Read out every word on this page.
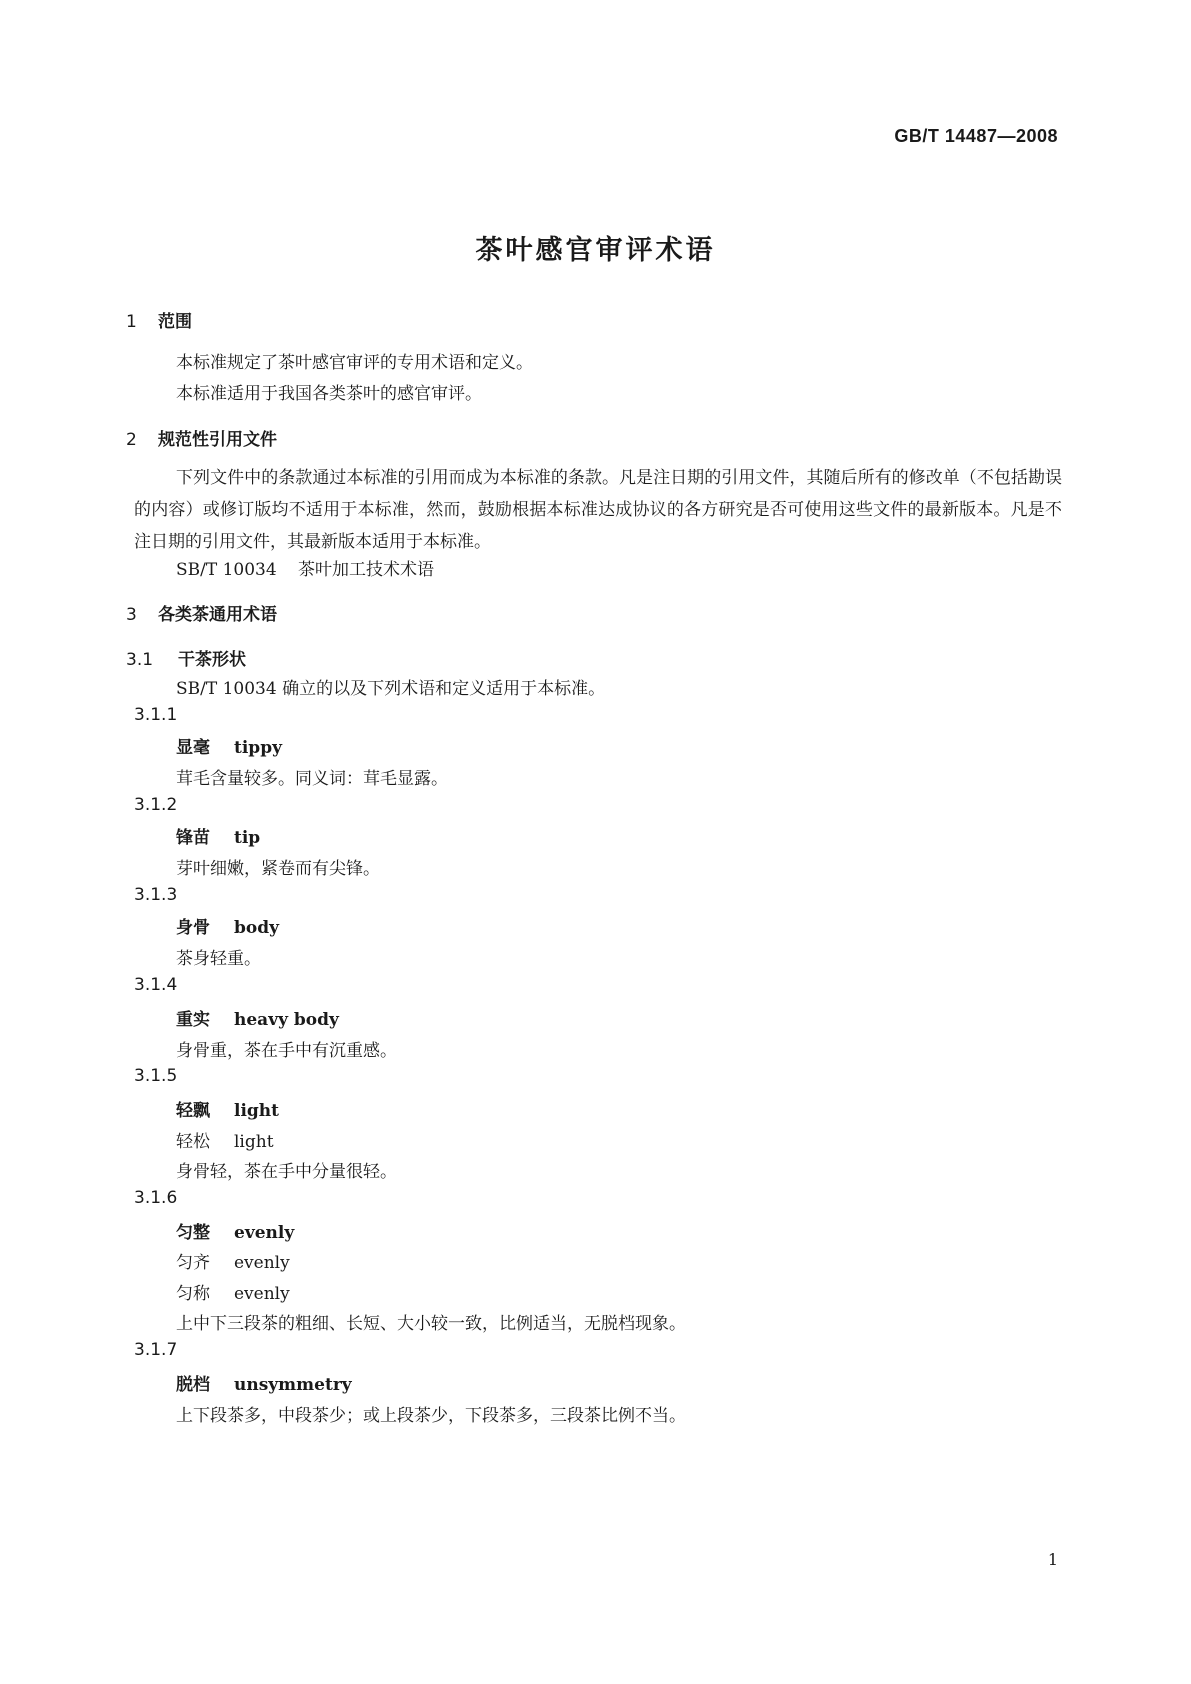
GB/T 14487—2008
茶叶感官审评术语
1 范围
本标准规定了茶叶感官审评的专用术语和定义。
本标准适用于我国各类茶叶的感官审评。
2 规范性引用文件
下列文件中的条款通过本标准的引用而成为本标准的条款。凡是注日期的引用文件，其随后所有的修改单（不包括勘误的内容）或修订版均不适用于本标准，然而，鼓励根据本标准达成协议的各方研究是否可使用这些文件的最新版本。凡是不注日期的引用文件，其最新版本适用于本标准。
SB/T 10034 茶叶加工技术术语
3 各类茶通用术语
3.1 干茶形状
SB/T 10034 确立的以及下列术语和定义适用于本标准。
3.1.1
显毫 tippy
茸毛含量较多。同义词：茸毛显露。
3.1.2
锋苗 tip
芽叶细嫩，紧卷而有尖锋。
3.1.3
身骨 body
茶身轻重。
3.1.4
重实 heavy body
身骨重，茶在手中有沉重感。
3.1.5
轻飘 light
轻松 light
身骨轻，茶在手中分量很轻。
3.1.6
匀整 evenly
匀齐 evenly
匀称 evenly
上中下三段茶的粗细、长短、大小较一致，比例适当，无脱档现象。
3.1.7
脱档 unsymmetry
上下段茶多，中段茶少；或上段茶少，下段茶多，三段茶比例不当。
1
